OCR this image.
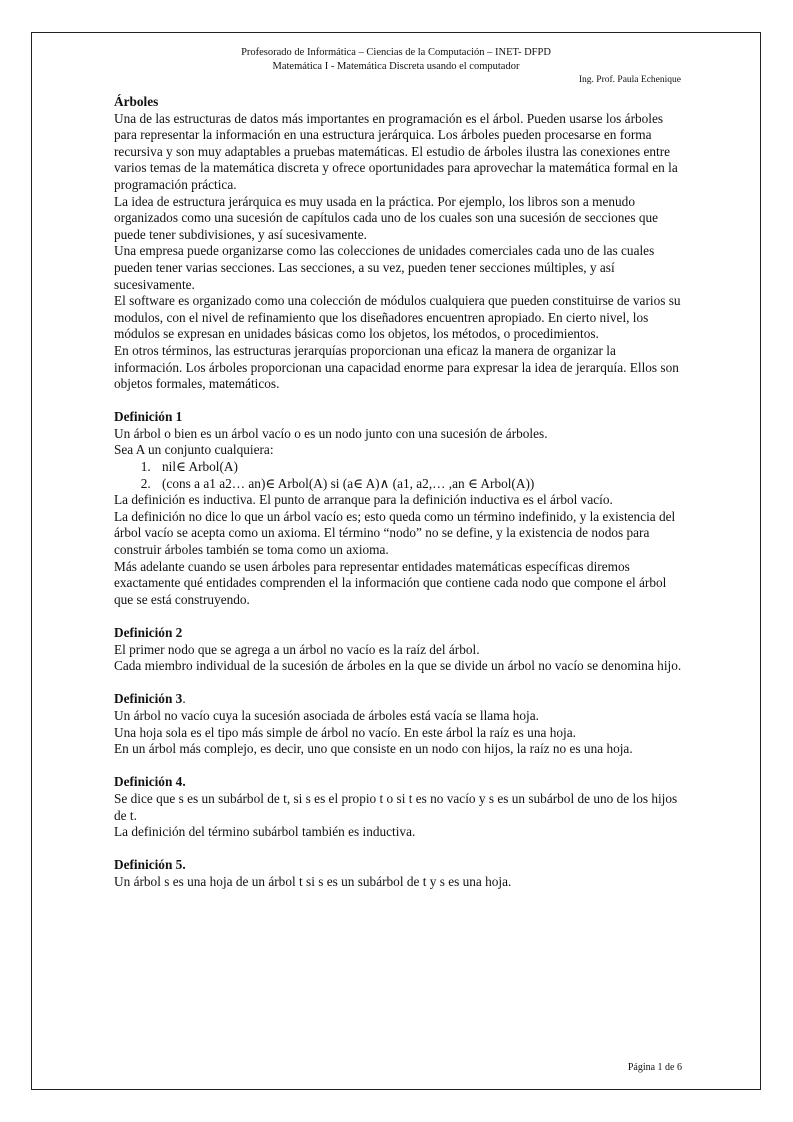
Profesorado de Informática – Ciencias de la Computación – INET- DFPD
Matemática I - Matemática Discreta usando el computador
Ing. Prof. Paula Echenique

Árboles

Una de las estructuras de datos más importantes en programación es el árbol. Pueden usarse los árboles para representar la información en una estructura jerárquica. Los árboles pueden procesarse en forma recursiva y son muy adaptables a pruebas matemáticas. El estudio de árboles ilustra las conexiones entre varios temas de la matemática discreta y ofrece oportunidades para aprovechar la matemática formal en la programación práctica.

La idea de estructura jerárquica es muy usada en la práctica. Por ejemplo, los libros son a menudo organizados como una sucesión de capítulos cada uno de los cuales son una sucesión de secciones que puede tener subdivisiones, y así sucesivamente.

Una empresa puede organizarse como las colecciones de unidades comerciales cada uno de las cuales pueden tener varias secciones. Las secciones, a su vez, pueden tener secciones múltiples, y así sucesivamente.

El software es organizado como una colección de módulos cualquiera que pueden constituirse de varios su modulos, con el nivel de refinamiento que los diseñadores encuentren apropiado. En cierto nivel, los módulos se expresan en unidades básicas como los objetos, los métodos, o procedimientos.

En otros términos, las estructuras jerarquías proporcionan una eficaz la manera de organizar la información. Los árboles proporcionan una capacidad enorme para expresar la idea de jerarquía. Ellos son objetos formales, matemáticos.

Definición 1

Un árbol o bien es un árbol vacío o es un nodo junto con una sucesión de árboles.

Sea A un conjunto cualquiera:

1. nil∈ Arbol(A)
2. (cons a a1 a2… an)∈ Arbol(A) si (a∈ A)∧ (a1, a2,… ,an ∈ Arbol(A))

La definición es inductiva. El punto de arranque para la definición inductiva es el árbol vacío.

La definición no dice lo que un árbol vacío es; esto queda como un término indefinido, y la existencia del árbol vacío se acepta como un axioma. El término “nodo” no se define, y la existencia de nodos para construir árboles también se toma como un axioma.

Más adelante cuando se usen árboles para representar entidades matemáticas específicas diremos exactamente qué entidades comprenden el la información que contiene cada nodo que compone el árbol que se está construyendo.

Definición 2

El primer nodo que se agrega a un árbol no vacío es la raíz del árbol.

Cada miembro individual de la sucesión de árboles en la que se divide un árbol no vacío se denomina hijo.

Definición 3.

Un árbol no vacío cuya la sucesión asociada de árboles está vacía se llama hoja.

Una hoja sola es el tipo más simple de árbol no vacío. En este árbol la raíz es una hoja.

En un árbol más complejo, es decir, uno que consiste en un nodo con hijos, la raíz no es una hoja.

Definición 4.

Se dice que s es un subárbol de t, si s es el propio t o si t es no vacío y s es un subárbol de uno de los hijos de t.

La definición del término subárbol también es inductiva.

Definición 5.

Un árbol s es una hoja de un árbol t si s es un subárbol de t y s es una hoja.

Página 1 de 6
